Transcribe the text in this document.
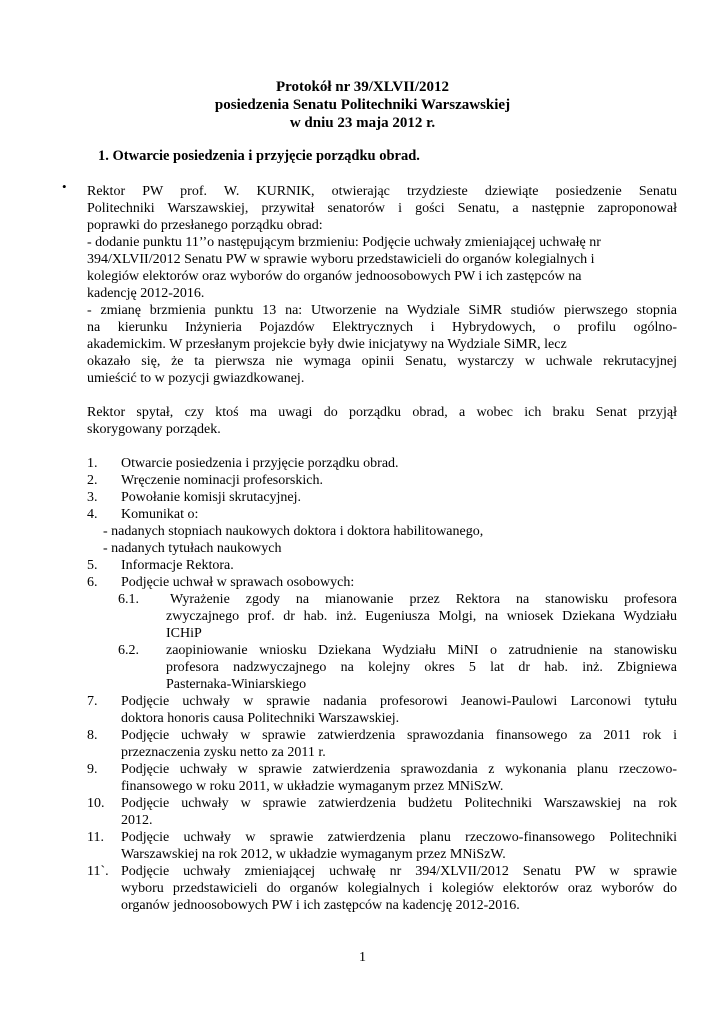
Protokół nr 39/XLVII/2012
posiedzenia Senatu Politechniki Warszawskiej
w dniu 23 maja 2012 r.
1. Otwarcie posiedzenia i przyjęcie porządku obrad.
• Rektor PW prof. W. KURNIK, otwierając trzydzieste dziewiąte posiedzenie Senatu
Politechniki Warszawskiej, przywitał senatorów i gości Senatu, a następnie zaproponował
poprawki do przesłanego porządku obrad:
- dodanie punktu 11’’o następującym brzmieniu: Podjęcie uchwały zmieniającej uchwałę nr
394/XLVII/2012 Senatu PW w sprawie wyboru przedstawicieli do organów kolegialnych i
kolegiów elektorów oraz wyborów do organów jednoosobowych PW i ich zastępców na
kadencję 2012-2016.
- zmianę brzmienia punktu 13 na: Utworzenie na Wydziale SiMR studiów pierwszego stopnia
na kierunku Inżynieria Pojazdów Elektrycznych i Hybrydowych, o profilu ogólno-
akademickim. W przesłanym projekcie były dwie inicjatywy na Wydziale SiMR, lecz
okazało się, że ta pierwsza nie wymaga opinii Senatu, wystarczy w uchwale rekrutacyjnej
umieścić to w pozycji gwiazdkowanej.
Rektor spytał, czy ktoś ma uwagi do porządku obrad, a wobec ich braku Senat przyjął
skorygowany porządek.
1. Otwarcie posiedzenia i przyjęcie porządku obrad.
2. Wręczenie nominacji profesorskich.
3. Powołanie komisji skrutacyjnej.
4. Komunikat o:
- nadanych stopniach naukowych doktora i doktora habilitowanego,
- nadanych tytułach naukowych
5. Informacje Rektora.
6. Podjęcie uchwał w sprawach osobowych:
6.1. Wyrażenie zgody na mianowanie przez Rektora na stanowisku profesora
zwyczajnego prof. dr hab. inż. Eugeniusza Molgi, na wniosek Dziekana Wydziału
ICHiP
6.2. zaopiniowanie wniosku Dziekana Wydziału MiNI o zatrudnienie na stanowisku
profesora nadzwyczajnego na kolejny okres 5 lat dr hab. inż. Zbigniewa
Pasternaka-Winiarskiego
7. Podjęcie uchwały w sprawie nadania profesorowi Jeanowi-Paulowi Larconowi tytułu
doktora honoris causa Politechniki Warszawskiej.
8. Podjęcie uchwały w sprawie zatwierdzenia sprawozdania finansowego za 2011 rok i
przeznaczenia zysku netto za 2011 r.
9. Podjęcie uchwały w sprawie zatwierdzenia sprawozdania z wykonania planu rzeczowo-
finansowego w roku 2011, w układzie wymaganym przez MNiSzW.
10. Podjęcie uchwały w sprawie zatwierdzenia budżetu Politechniki Warszawskiej na rok
2012.
11. Podjęcie uchwały w sprawie zatwierdzenia planu rzeczowo-finansowego Politechniki
Warszawskiej na rok 2012, w układzie wymaganym przez MNiSzW.
11`. Podjęcie uchwały zmieniającej uchwałę nr 394/XLVII/2012 Senatu PW w sprawie
wyboru przedstawicieli do organów kolegialnych i kolegiów elektorów oraz wyborów do
organów jednoosobowych PW i ich zastępców na kadencję 2012-2016.
1
